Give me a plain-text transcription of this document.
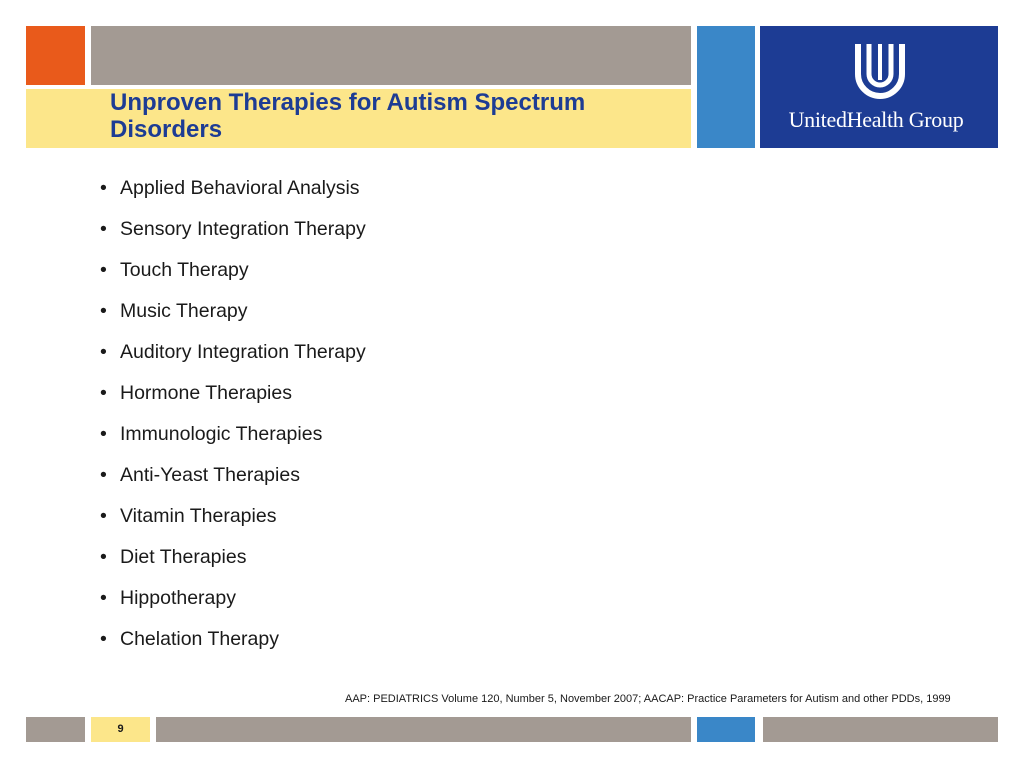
UnitedHealth Group
Unproven Therapies for Autism Spectrum Disorders
• Applied Behavioral Analysis
• Sensory Integration Therapy
• Touch Therapy
• Music Therapy
• Auditory Integration Therapy
• Hormone Therapies
• Immunologic Therapies
• Anti-Yeast Therapies
• Vitamin Therapies
• Diet Therapies
• Hippotherapy
• Chelation Therapy
AAP: PEDIATRICS Volume 120, Number 5, November 2007; AACAP: Practice Parameters for Autism and other PDDs, 1999
9
